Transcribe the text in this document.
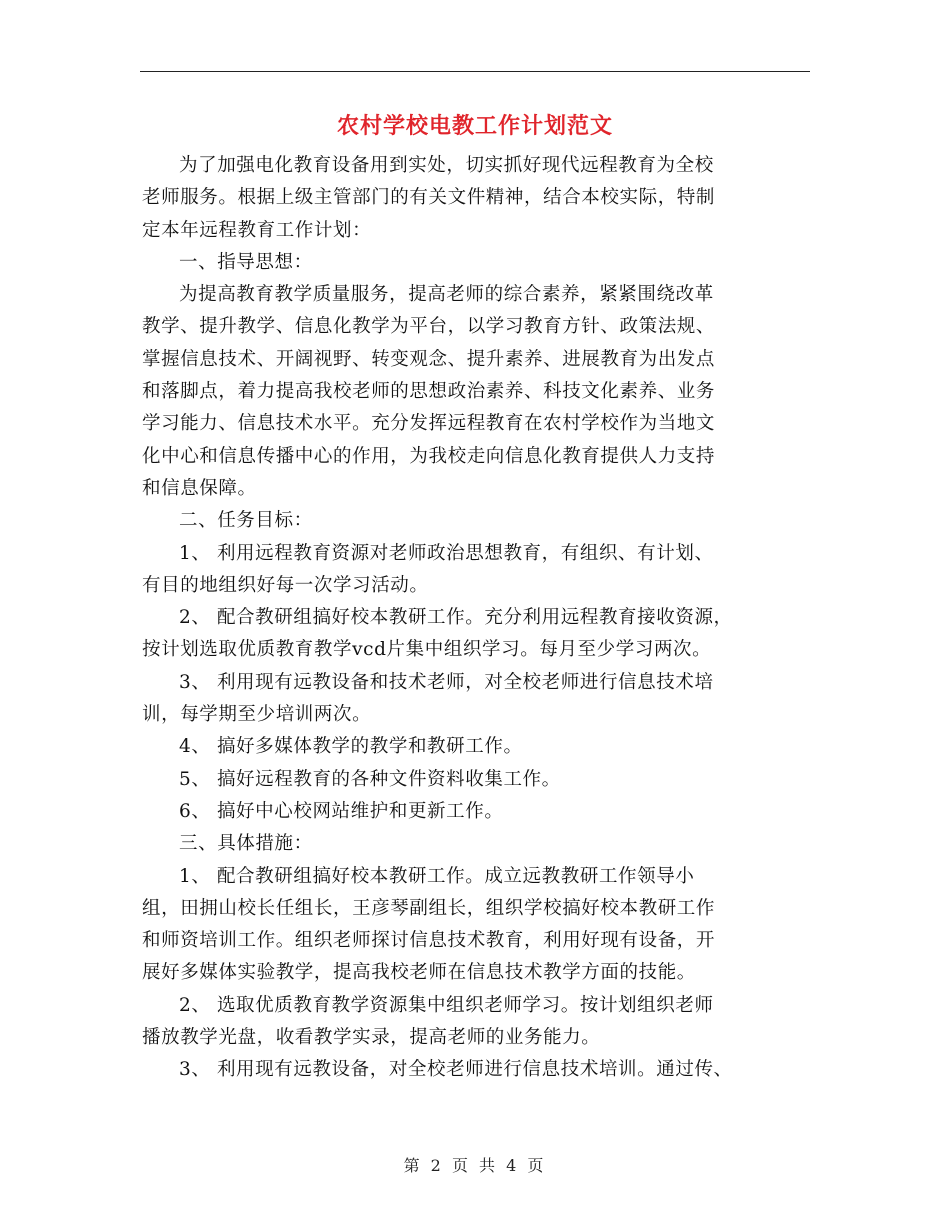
农村学校电教工作计划范文

为了加强电化教育设备用到实处，切实抓好现代远程教育为全校
老师服务。根据上级主管部门的有关文件精神，结合本校实际，特制
定本年远程教育工作计划：

一、指导思想：

为提高教育教学质量服务，提高老师的综合素养，紧紧围绕改革
教学、提升教学、信息化教学为平台，以学习教育方针、政策法规、
掌握信息技术、开阔视野、转变观念、提升素养、进展教育为出发点
和落脚点，着力提高我校老师的思想政治素养、科技文化素养、业务
学习能力、信息技术水平。充分发挥远程教育在农村学校作为当地文
化中心和信息传播中心的作用，为我校走向信息化教育提供人力支持
和信息保障。

二、任务目标：

1、 利用远程教育资源对老师政治思想教育，有组织、有计划、
有目的地组织好每一次学习活动。

2、 配合教研组搞好校本教研工作。充分利用远程教育接收资源，
按计划选取优质教育教学vcd片集中组织学习。每月至少学习两次。

3、 利用现有远教设备和技术老师，对全校老师进行信息技术培
训，每学期至少培训两次。

4、 搞好多媒体教学的教学和教研工作。

5、 搞好远程教育的各种文件资料收集工作。

6、 搞好中心校网站维护和更新工作。

三、具体措施：

1、 配合教研组搞好校本教研工作。成立远教教研工作领导小
组，田拥山校长任组长，王彦琴副组长，组织学校搞好校本教研工作
和师资培训工作。组织老师探讨信息技术教育，利用好现有设备，开
展好多媒体实验教学，提高我校老师在信息技术教学方面的技能。

2、 选取优质教育教学资源集中组织老师学习。按计划组织老师
播放教学光盘，收看教学实录，提高老师的业务能力。

3、 利用现有远教设备，对全校老师进行信息技术培训。通过传、

第 2 页 共 4 页
